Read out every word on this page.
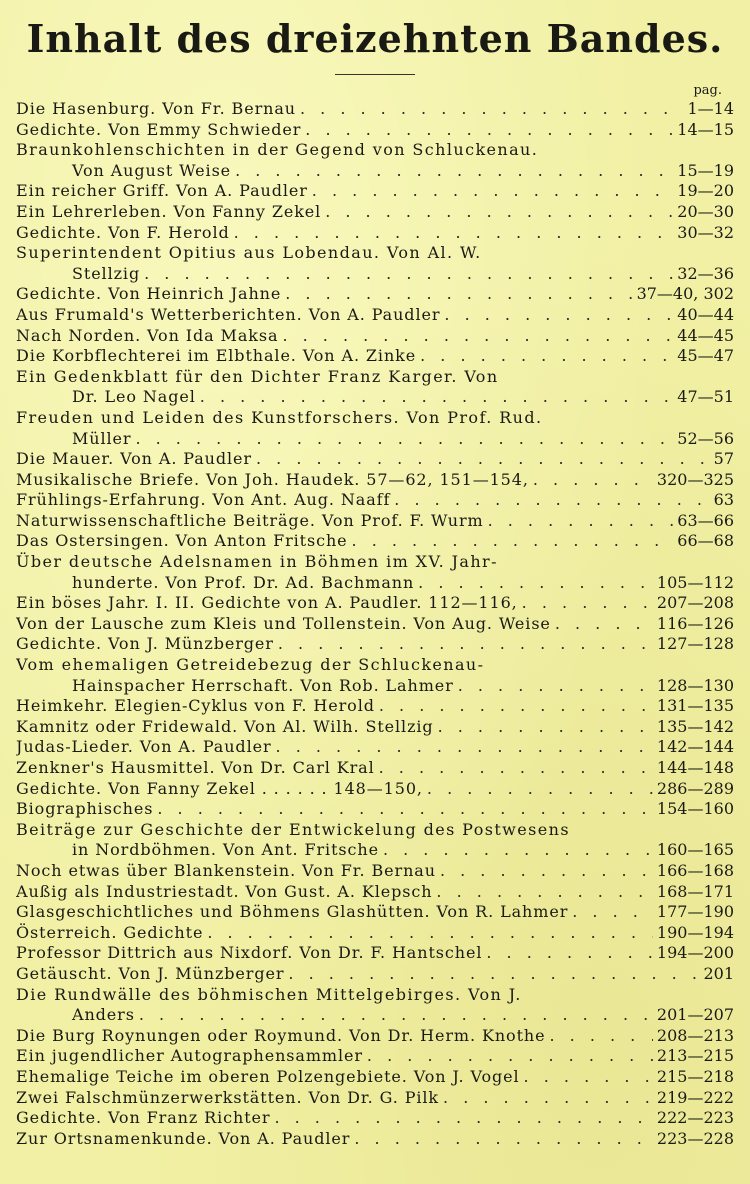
Inhalt des dreizehnten Bandes.
pag.
Die Hasenburg. Von Fr. Bernau . . .	1—14
Gedichte. Von Emmy Schwieder . . .	14—15
Braunkohlenschichten in der Gegend von Schluckenau.
Von August Weise . . .	15—19
Ein reicher Griff. Von A. Paudler . . .	19—20
Ein Lehrerleben. Von Fanny Zekel . . .	20—30
Gedichte. Von F. Herold . . .	30—32
Superintendent Opitius aus Lobendau. Von Al. W.
Stellzig . . .	32—36
Gedichte. Von Heinrich Jahne . . .	37—40, 302
Aus Frumald's Wetterberichten. Von A. Paudler . . .	40—44
Nach Norden. Von Ida Maksa . . .	44—45
Die Korbflechterei im Elbthale. Von A. Zinke . . .	45—47
Ein Gedenkblatt für den Dichter Franz Karger. Von
Dr. Leo Nagel . . .	47—51
Freuden und Leiden des Kunstforschers. Von Prof. Rud.
Müller . . .	52—56
Die Mauer. Von A. Paudler . . .	57
Musikalische Briefe. Von Joh. Haudek. 57—62, 151—154, . . .	320—325
Frühlings-Erfahrung. Von Ant. Aug. Naaff . . .	63
Naturwissenschaftliche Beiträge. Von Prof. F. Wurm . . .	63—66
Das Ostersingen. Von Anton Fritsche . . .	66—68
Über deutsche Adelsnamen in Böhmen im XV. Jahr-
hunderte. Von Prof. Dr. Ad. Bachmann . . .	105—112
Ein böses Jahr. I. II. Gedichte von A. Paudler. 112—116, . . .	207—208
Von der Lausche zum Kleis und Tollenstein. Von Aug. Weise . . .	116—126
Gedichte. Von J. Münzberger . . .	127—128
Vom ehemaligen Getreidebezug der Schluckenau-
Hainspacher Herrschaft. Von Rob. Lahmer . . .	128—130
Heimkehr. Elegien-Cyklus von F. Herold . . .	131—135
Kamnitz oder Fridewald. Von Al. Wilh. Stellzig . . .	135—142
Judas-Lieder. Von A. Paudler . . .	142—144
Zenkner's Hausmittel. Von Dr. Carl Kral . . .	144—148
Gedichte. Von Fanny Zekel . . . . . . 148—150, . . .	286—289
Biographisches . . .	154—160
Beiträge zur Geschichte der Entwickelung des Postwesens
in Nordböhmen. Von Ant. Fritsche . . .	160—165
Noch etwas über Blankenstein. Von Fr. Bernau . . .	166—168
Außig als Industriestadt. Von Gust. A. Klepsch . . .	168—171
Glasgeschichtliches und Böhmens Glashütten. Von R. Lahmer . . .	177—190
Österreich. Gedichte . . .	190—194
Professor Dittrich aus Nixdorf. Von Dr. F. Hantschel . . .	194—200
Getäuscht. Von J. Münzberger . . .	201
Die Rundwälle des böhmischen Mittelgebirges. Von J.
Anders . . .	201—207
Die Burg Roynungen oder Roymund. Von Dr. Herm. Knothe . . .	208—213
Ein jugendlicher Autographensammler . . .	213—215
Ehemalige Teiche im oberen Polzengebiete. Von J. Vogel . . .	215—218
Zwei Falschmünzerwerkstätten. Von Dr. G. Pilk . . .	219—222
Gedichte. Von Franz Richter . . .	222—223
Zur Ortsnamenkunde. Von A. Paudler . . .	223—228
